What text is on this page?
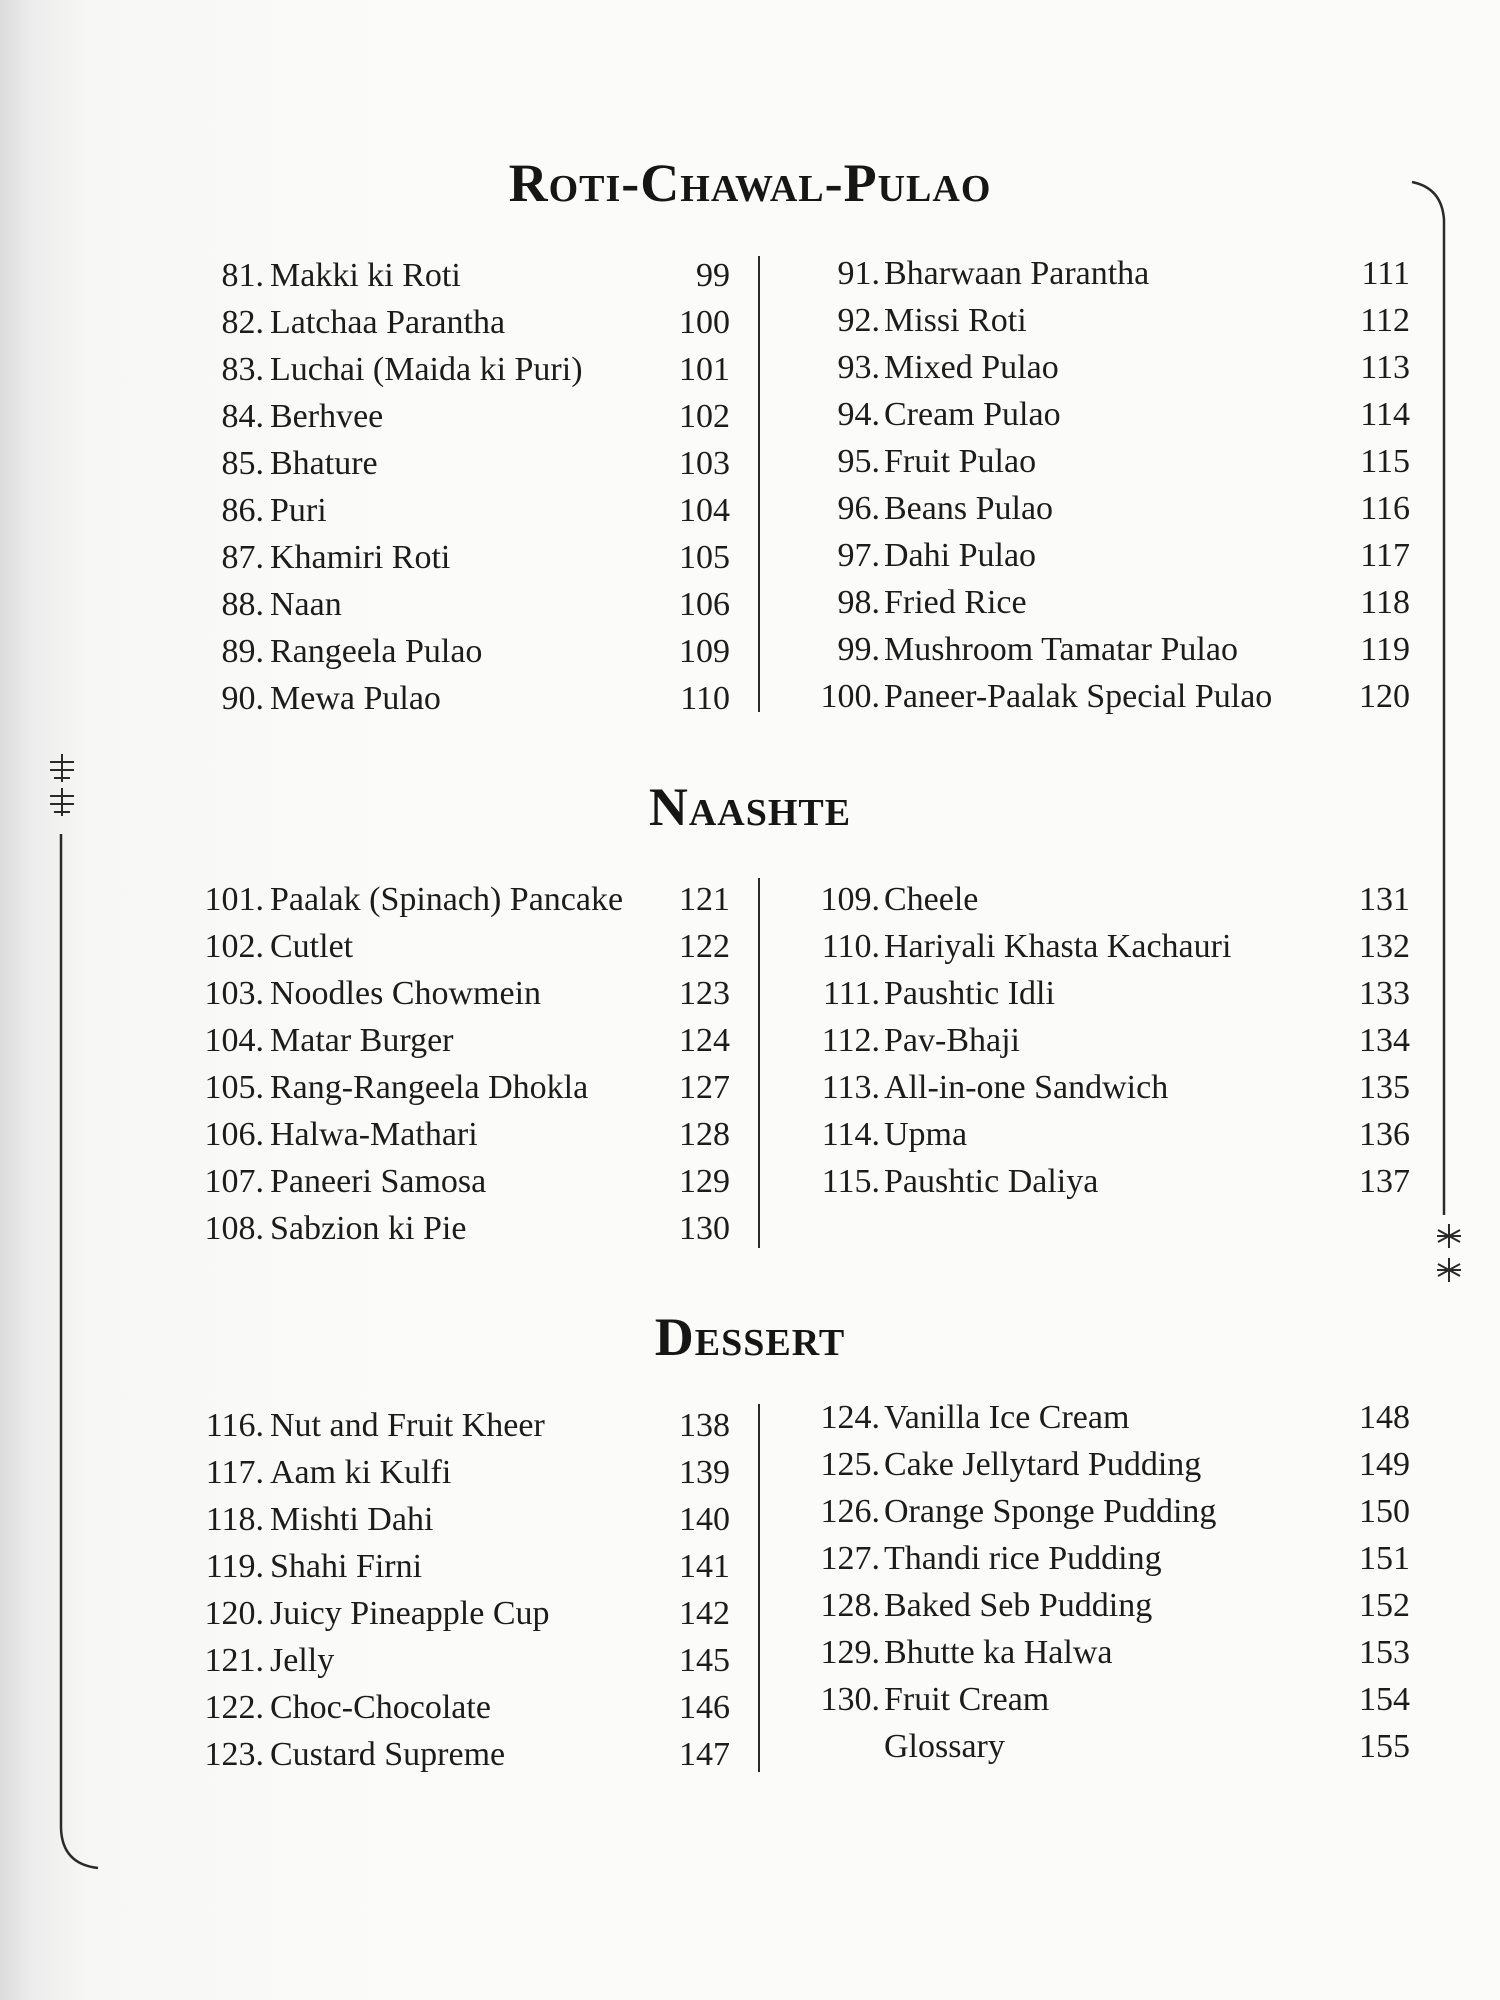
Roti-Chawal-Pulao
81. Makki ki Roti	99
82. Latchaa Parantha	100
83. Luchai (Maida ki Puri)	101
84. Berhvee	102
85. Bhature	103
86. Puri	104
87. Khamiri Roti	105
88. Naan	106
89. Rangeela Pulao	109
90. Mewa Pulao	110
91. Bharwaan Parantha	111
92. Missi Roti	112
93. Mixed Pulao	113
94. Cream Pulao	114
95. Fruit Pulao	115
96. Beans Pulao	116
97. Dahi Pulao	117
98. Fried Rice	118
99. Mushroom Tamatar Pulao	119
100. Paneer-Paalak Special Pulao	120
Naashte
101. Paalak (Spinach) Pancake 121
102. Cutlet	122
103. Noodles Chowmein	123
104. Matar Burger	124
105. Rang-Rangeela Dhokla	127
106. Halwa-Mathari	128
107. Paneeri Samosa	129
108. Sabzion ki Pie	130
109. Cheele	131
110. Hariyali Khasta Kachauri	132
111. Paushtic Idli	133
112. Pav-Bhaji	134
113. All-in-one Sandwich	135
114. Upma	136
115. Paushtic Daliya	137
Dessert
116. Nut and Fruit Kheer	138
117. Aam ki Kulfi	139
118. Mishti Dahi	140
119. Shahi Firni	141
120. Juicy Pineapple Cup	142
121. Jelly	145
122. Choc-Chocolate	146
123. Custard Supreme	147
124. Vanilla Ice Cream	148
125. Cake Jellytard Pudding	149
126. Orange Sponge Pudding	150
127. Thandi rice Pudding	151
128. Baked Seb Pudding	152
129. Bhutte ka Halwa	153
130. Fruit Cream	154
Glossary	155
